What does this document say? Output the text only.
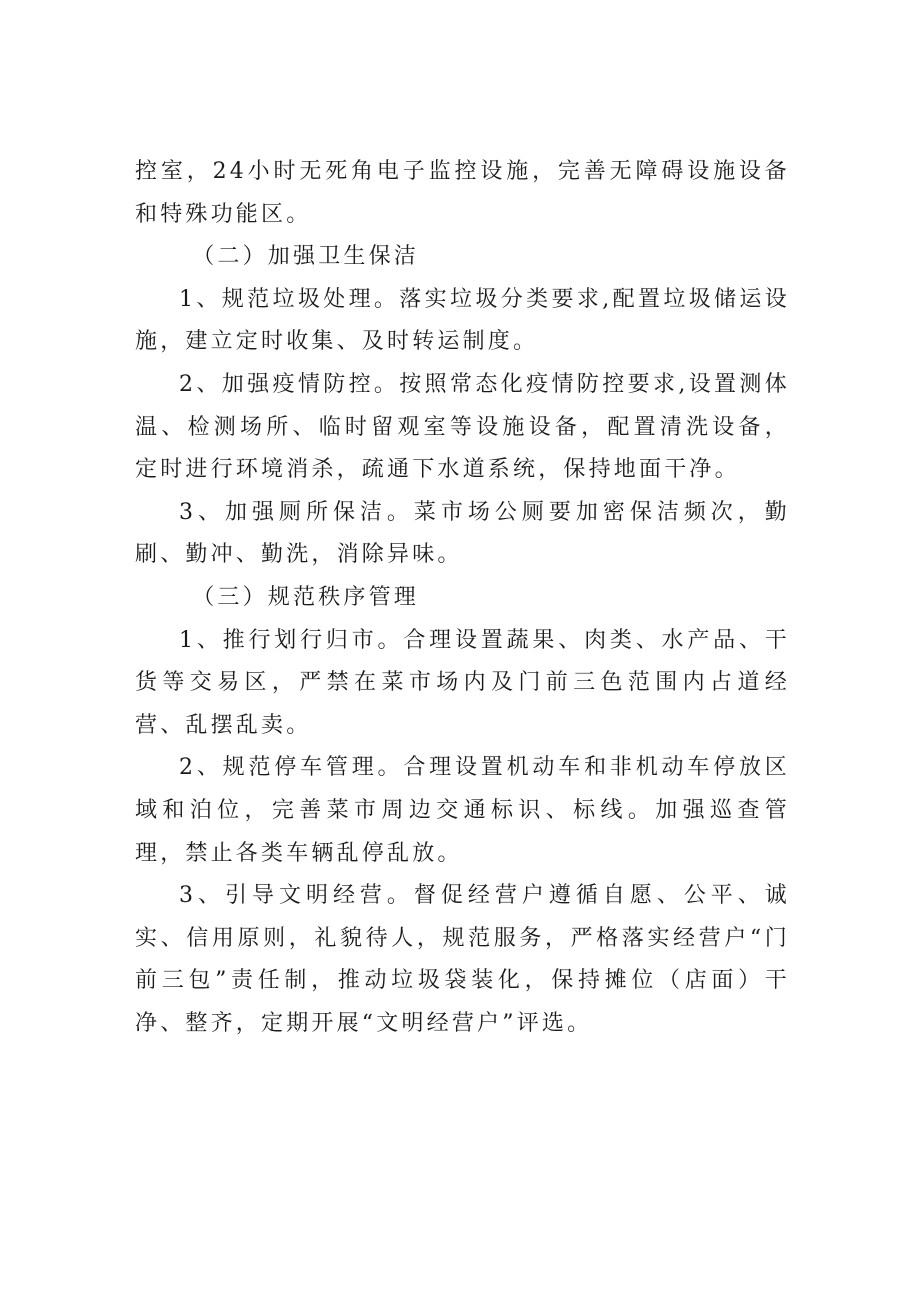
控室，24小时无死角电子监控设施，完善无障碍设施设备和特殊功能区。

（二）加强卫生保洁

1、规范垃圾处理。落实垃圾分类要求,配置垃圾储运设施，建立定时收集、及时转运制度。

2、加强疫情防控。按照常态化疫情防控要求,设置测体温、检测场所、临时留观室等设施设备，配置清洗设备，定时进行环境消杀，疏通下水道系统，保持地面干净。

3、加强厕所保洁。菜市场公厕要加密保洁频次，勤刷、勤冲、勤洗，消除异味。

（三）规范秩序管理

1、推行划行归市。合理设置蔬果、肉类、水产品、干货等交易区，严禁在菜市场内及门前三色范围内占道经营、乱摆乱卖。

2、规范停车管理。合理设置机动车和非机动车停放区域和泊位，完善菜市周边交通标识、标线。加强巡查管理，禁止各类车辆乱停乱放。

3、引导文明经营。督促经营户遵循自愿、公平、诚实、信用原则，礼貌待人，规范服务，严格落实经营户“门前三包”责任制，推动垃圾袋装化，保持摊位（店面）干净、整齐，定期开展“文明经营户”评选。
